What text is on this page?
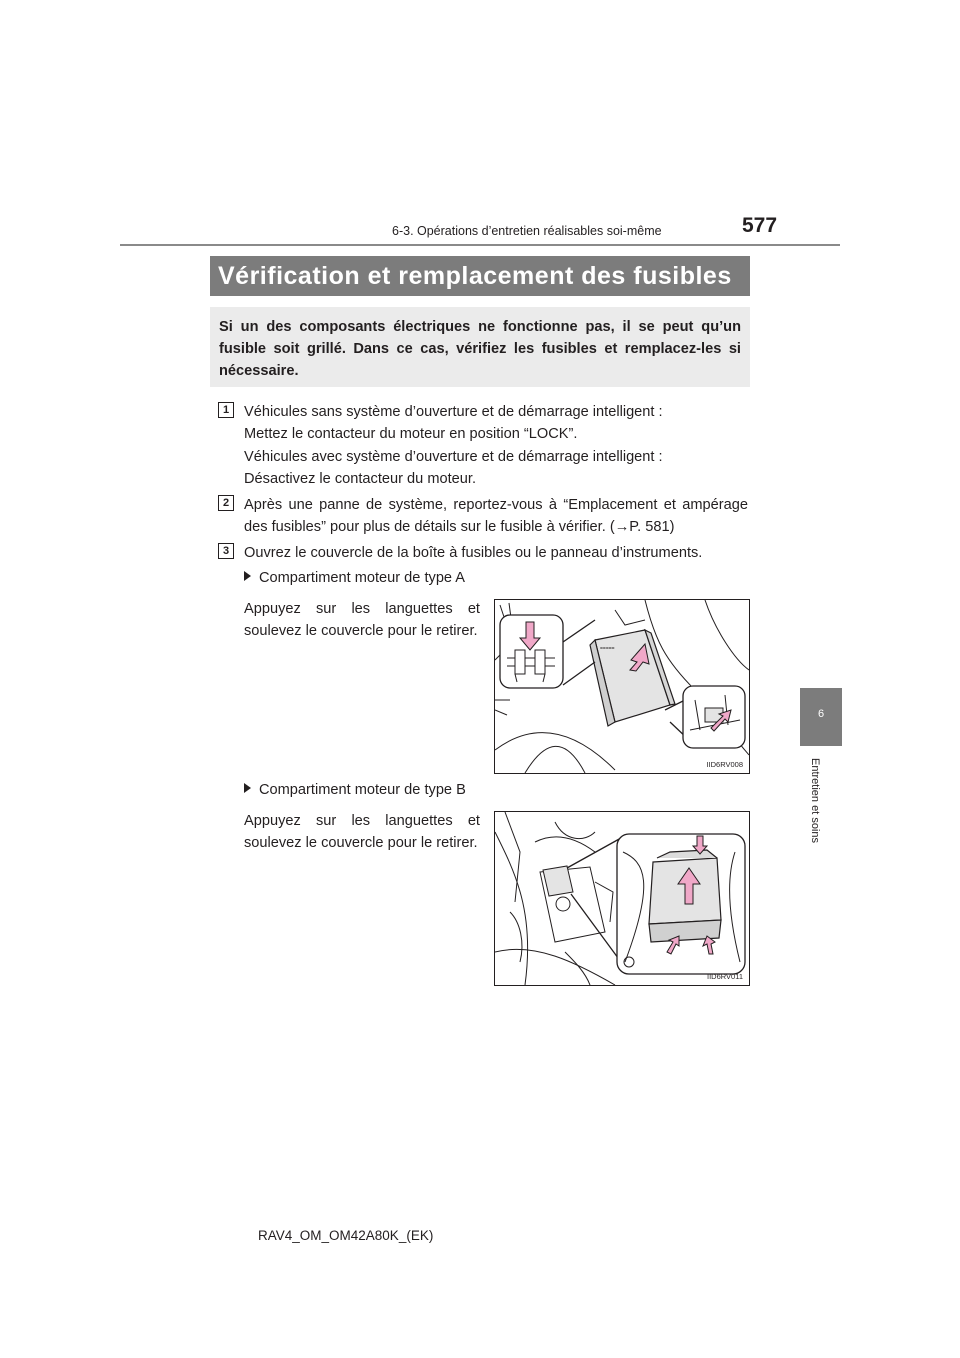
6-3. Opérations d’entretien réalisables soi-même	577
6
Entretien et soins
Vérification et remplacement des fusibles
Si un des composants électriques ne fonctionne pas, il se peut qu’un fusible soit grillé. Dans ce cas, vérifiez les fusibles et remplacez-les si nécessaire.
1	Véhicules sans système d’ouverture et de démarrage intelligent :
Mettez le contacteur du moteur en position “LOCK”.
Véhicules avec système d’ouverture et de démarrage intelligent :
Désactivez le contacteur du moteur.
2	Après une panne de système, reportez-vous à “Emplacement et ampérage des fusibles” pour plus de détails sur le fusible à vérifier. (→P. 581)
3	Ouvrez le couvercle de la boîte à fusibles ou le panneau d’instruments.
Compartiment moteur de type A
Appuyez sur les languettes et soulevez le couvercle pour le retirer.
=====
IID6RV008
Compartiment moteur de type B
Appuyez sur les languettes et soulevez le couvercle pour le retirer.
IID6RV011
RAV4_OM_OM42A80K_(EK)
